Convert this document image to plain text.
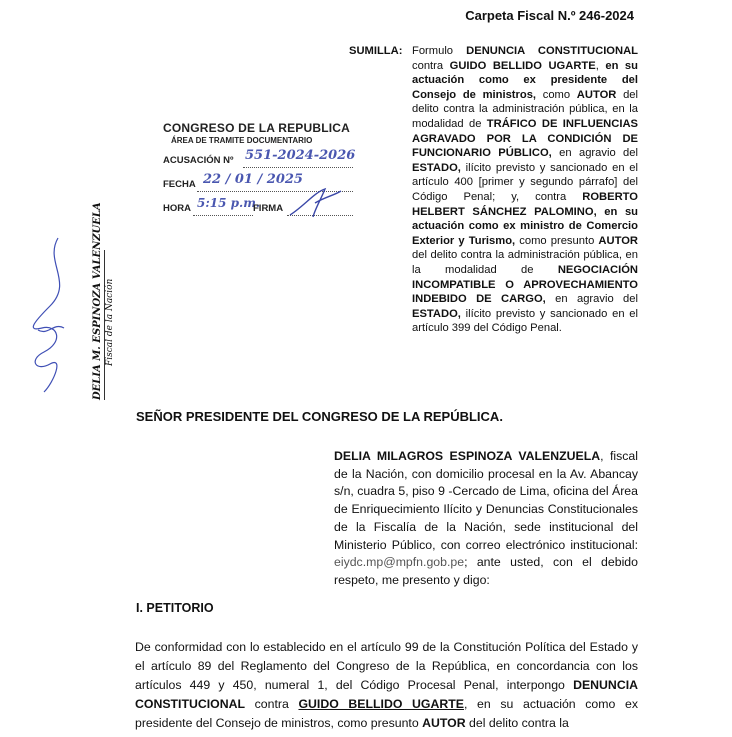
Carpeta Fiscal N.º 246-2024
SUMILLA: Formulo DENUNCIA CONSTITUCIONAL contra GUIDO BELLIDO UGARTE, en su actuación como ex presidente del Consejo de ministros, como AUTOR del delito contra la administración pública, en la modalidad de TRÁFICO DE INFLUENCIAS AGRAVADO POR LA CONDICIÓN DE FUNCIONARIO PÚBLICO, en agravio del ESTADO, ilícito previsto y sancionado en el artículo 400 [primer y segundo párrafo] del Código Penal; y, contra ROBERTO HELBERT SÁNCHEZ PALOMINO, en su actuación como ex ministro de Comercio Exterior y Turismo, como presunto AUTOR del delito contra la administración pública, en la modalidad de NEGOCIACIÓN INCOMPATIBLE O APROVECHAMIENTO INDEBIDO DE CARGO, en agravio del ESTADO, ilícito previsto y sancionado en el artículo 399 del Código Penal.
CONGRESO DE LA REPUBLICA
ÁREA DE TRAMITE DOCUMENTARIO
ACUSACIÓN Nº 551-2024-2026
FECHA 22 / 01 / 2025
HORA 5:15 p.m.
FIRMA
DELIA M. ESPINOZA VALENZUELA Fiscal de la Nación
SEÑOR PRESIDENTE DEL CONGRESO DE LA REPÚBLICA.
DELIA MILAGROS ESPINOZA VALENZUELA, fiscal de la Nación, con domicilio procesal en la Av. Abancay s/n, cuadra 5, piso 9 -Cercado de Lima, oficina del Área de Enriquecimiento Ilícito y Denuncias Constitucionales de la Fiscalía de la Nación, sede institucional del Ministerio Público, con correo electrónico institucional: eiydc.mp@mpfn.gob.pe; ante usted, con el debido respeto, me presento y digo:
I. PETITORIO
De conformidad con lo establecido en el artículo 99 de la Constitución Política del Estado y el artículo 89 del Reglamento del Congreso de la República, en concordancia con los artículos 449 y 450, numeral 1, del Código Procesal Penal, interpongo DENUNCIA CONSTITUCIONAL contra GUIDO BELLIDO UGARTE, en su actuación como ex presidente del Consejo de ministros, como presunto AUTOR del delito contra la
